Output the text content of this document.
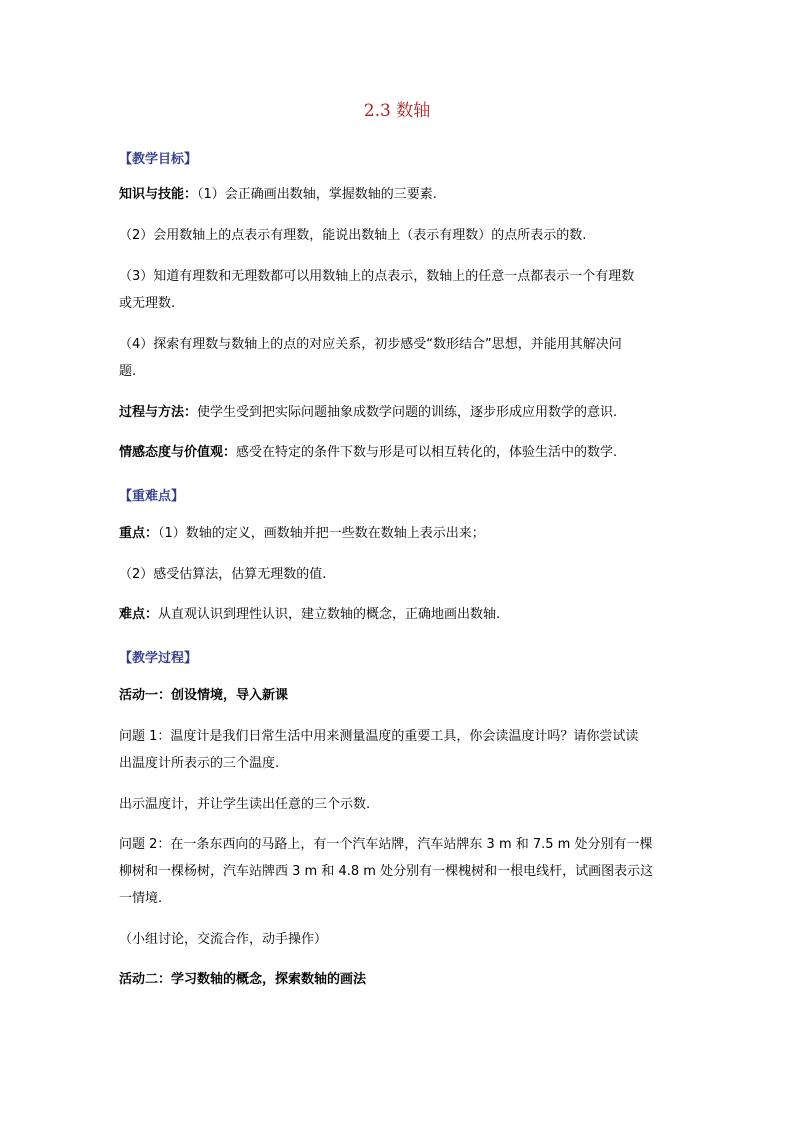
2.3 数轴
【教学目标】
知识与技能：（1）会正确画出数轴，掌握数轴的三要素.
（2）会用数轴上的点表示有理数，能说出数轴上（表示有理数）的点所表示的数.
（3）知道有理数和无理数都可以用数轴上的点表示，数轴上的任意一点都表示一个有理数
或无理数.
（4）探索有理数与数轴上的点的对应关系，初步感受“数形结合”思想，并能用其解决问
题.
过程与方法：使学生受到把实际问题抽象成数学问题的训练，逐步形成应用数学的意识.
情感态度与价值观：感受在特定的条件下数与形是可以相互转化的，体验生活中的数学.
【重难点】
重点：（1）数轴的定义，画数轴并把一些数在数轴上表示出来；
（2）感受估算法，估算无理数的值.
难点：从直观认识到理性认识，建立数轴的概念，正确地画出数轴.
【教学过程】
活动一：创设情境，导入新课
问题 1：温度计是我们日常生活中用来测量温度的重要工具，你会读温度计吗？请你尝试读
出温度计所表示的三个温度.
出示温度计，并让学生读出任意的三个示数.
问题 2：在一条东西向的马路上，有一个汽车站牌，汽车站牌东 3 m 和 7.5 m 处分别有一棵
柳树和一棵杨树，汽车站牌西 3 m 和 4.8 m 处分别有一棵槐树和一根电线杆，试画图表示这
一情境.
（小组讨论，交流合作，动手操作）
活动二：学习数轴的概念，探索数轴的画法
